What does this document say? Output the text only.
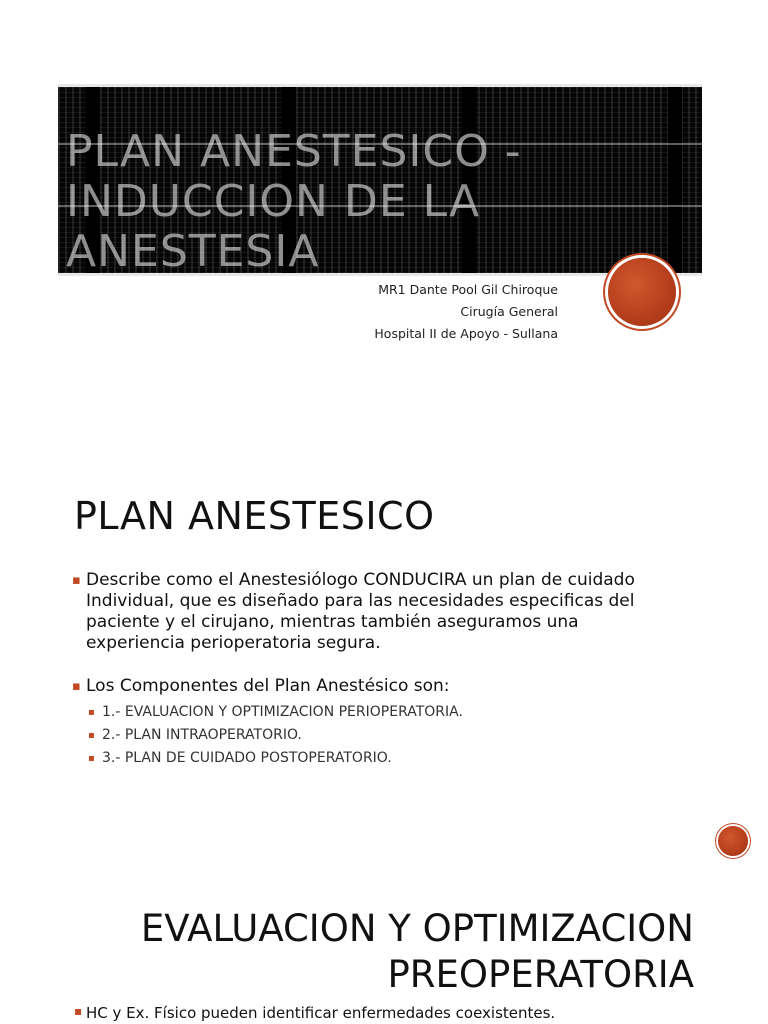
PLAN ANESTESICO - INDUCCION DE LA ANESTESIA

MR1 Dante Pool Gil Chiroque

Cirugía General

Hospital II de Apoyo - Sullana

PLAN ANESTESICO
▪ Describe como el Anestesiólogo CONDUCIRA un plan de cuidado Individual, que es diseñado para las necesidades especificas del paciente y el cirujano, mientras también aseguramos una experiencia perioperatoria segura.
▪ Los Componentes del Plan Anestésico son:
▪ 1.- EVALUACION Y OPTIMIZACION PERIOPERATORIA.
▪ 2.- PLAN INTRAOPERATORIO.
▪ 3.- PLAN DE CUIDADO POSTOPERATORIO.
EVALUACION Y OPTIMIZACION
PREOPERATORIA

▪ HC y Ex. Físico pueden identificar enfermedades coexistentes.
